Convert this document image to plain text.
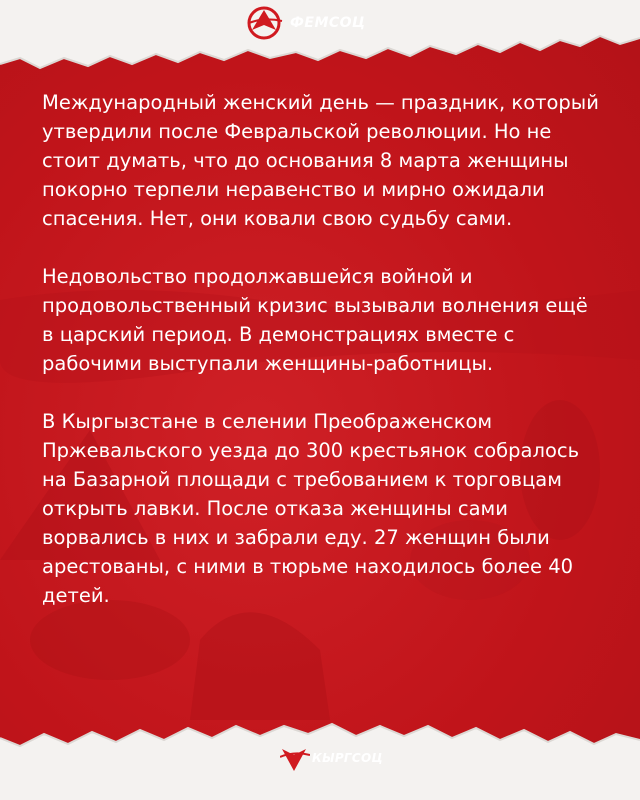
ФЕМСОЦ

Международный женский день — праздник, который утвердили после Февральской революции. Но не стоит думать, что до основания 8 марта женщины покорно терпели неравенство и мирно ожидали спасения. Нет, они ковали свою судьбу сами.

Недовольство продолжавшейся войной и продовольственный кризис вызывали волнения ещё в царский период. В демонстрациях вместе с рабочими выступали женщины-работницы.

В Кыргызстане в селении Преображенском Пржевальского уезда до 300 крестьянок собралось на Базарной площади с требованием к торговцам открыть лавки. После отказа женщины сами ворвались в них и забрали еду. 27 женщин были арестованы, с ними в тюрьме находилось более 40 детей.

КЫРГСОЦ
